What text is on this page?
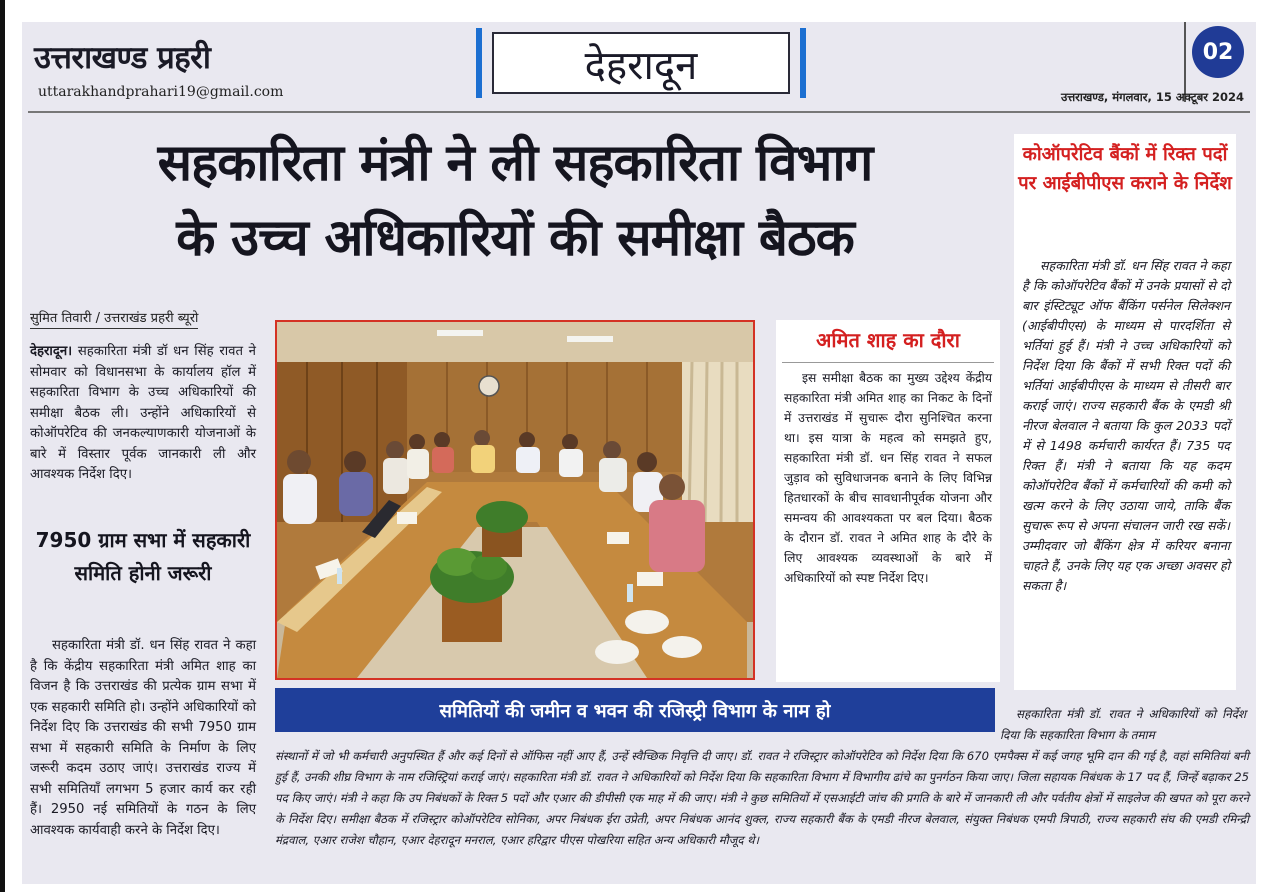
उत्तराखण्ड प्रहरी
uttarakhandprahari19@gmail.com
देहरादून	02
उत्तराखण्ड, मंगलवार, 15 अक्टूबर 2024
सहकारिता मंत्री ने ली सहकारिता विभाग
के उच्च अधिकारियों की समीक्षा बैठक
सुमित तिवारी / उत्तराखंड प्रहरी ब्यूरो
देहरादून। सहकारिता मंत्री डॉ धन सिंह रावत ने सोमवार को विधानसभा के कार्यालय हॉल में सहकारिता विभाग के उच्च अधिकारियों की समीक्षा बैठक ली। उन्होंने अधिकारियों से कोऑपरेटिव की जनकल्याणकारी योजनाओं के बारे में विस्तार पूर्वक जानकारी ली और आवश्यक निर्देश दिए।
7950 ग्राम सभा में सहकारी समिति होनी जरूरी
सहकारिता मंत्री डॉ. धन सिंह रावत ने कहा है कि केंद्रीय सहकारिता मंत्री अमित शाह का विजन है कि उत्तराखंड की प्रत्येक ग्राम सभा में एक सहकारी समिति हो। उन्होंने अधिकारियों को निर्देश दिए कि उत्तराखंड की सभी 7950 ग्राम सभा में सहकारी समिति के निर्माण के लिए जरूरी कदम उठाए जाएं। उत्तराखंड राज्य में सभी समितियाँ लगभग 5 हजार कार्य कर रही हैं। 2950 नई समितियों के गठन के लिए आवश्यक कार्यवाही करने के निर्देश दिए।
अमित शाह का दौरा
इस समीक्षा बैठक का मुख्य उद्देश्य केंद्रीय सहकारिता मंत्री अमित शाह का निकट के दिनों में उत्तराखंड में सुचारू दौरा सुनिश्चित करना था। इस यात्रा के महत्व को समझते हुए, सहकारिता मंत्री डॉ. धन सिंह रावत ने सफल जुड़ाव को सुविधाजनक बनाने के लिए विभिन्न हितधारकों के बीच सावधानीपूर्वक योजना और समन्वय की आवश्यकता पर बल दिया। बैठक के दौरान डॉ. रावत ने अमित शाह के दौरे के लिए आवश्यक व्यवस्थाओं के बारे में अधिकारियों को स्पष्ट निर्देश दिए।
कोऑपरेटिव बैंकों में रिक्त पदों पर आईबीपीएस कराने के निर्देश
सहकारिता मंत्री डॉ. धन सिंह रावत ने कहा है कि कोऑपरेटिव बैंकों में उनके प्रयासों से दो बार इंस्टिट्यूट ऑफ बैंकिंग पर्सनेल सिलेक्शन (आईबीपीएस) के माध्यम से पारदर्शिता से भर्तियां हुई हैं। मंत्री ने उच्च अधिकारियों को निर्देश दिया कि बैंकों में सभी रिक्त पदों की भर्तियां आईबीपीएस के माध्यम से तीसरी बार कराई जाएं। राज्य सहकारी बैंक के एमडी श्री नीरज बेलवाल ने बताया कि कुल 2033 पदों में से 1498 कर्मचारी कार्यरत हैं। 735 पद रिक्त हैं। मंत्री ने बताया कि यह कदम कोऑपरेटिव बैंकों में कर्मचारियों की कमी को खत्म करने के लिए उठाया जाये, ताकि बैंक सुचारू रूप से अपना संचालन जारी रख सकें। उम्मीदवार जो बैंकिंग क्षेत्र में करियर बनाना चाहते हैं, उनके लिए यह एक अच्छा अवसर हो सकता है।
समितियों की जमीन व भवन की रजिस्ट्री विभाग के नाम हो	सहकारिता मंत्री डॉ. रावत ने अधिकारियों को निर्देश दिया कि सहकारिता विभाग के तमाम
संस्थानों में जो भी कर्मचारी अनुपस्थित हैं और कई दिनों से ऑफिस नहीं आए हैं, उन्हें स्वैच्छिक निवृत्ति दी जाए। डॉ. रावत ने रजिस्ट्रार कोऑपरेटिव को निर्देश दिया कि 670 एमपैक्स में कई जगह भूमि दान की गई है, वहां समितियां बनी हुई हैं, उनकी शीघ्र विभाग के नाम रजिस्ट्रियां कराई जाएं। सहकारिता मंत्री डॉ. रावत ने अधिकारियों को निर्देश दिया कि सहकारिता विभाग में विभागीय ढांचे का पुनर्गठन किया जाए। जिला सहायक निबंधक के 17 पद हैं, जिन्हें बढ़ाकर 25 पद किए जाएं। मंत्री ने कहा कि उप निबंधकों के रिक्त 5 पदों और एआर की डीपीसी एक माह में की जाए। मंत्री ने कुछ समितियों में एसआईटी जांच की प्रगति के बारे में जानकारी ली और पर्वतीय क्षेत्रों में साइलेज की खपत को पूरा करने के निर्देश दिए। समीक्षा बैठक में रजिस्ट्रार कोऑपरेटिव सोनिका, अपर निबंधक ईरा उप्रेती, अपर निबंधक आनंद शुक्ल, राज्य सहकारी बैंक के एमडी नीरज बेलवाल, संयुक्त निबंधक एमपी त्रिपाठी, राज्य सहकारी संघ की एमडी रमिन्द्री मंद्रवाल, एआर राजेश चौहान, एआर देहरादून मनराल, एआर हरिद्वार पीएस पोखरिया सहित अन्य अधिकारी मौजूद थे।
